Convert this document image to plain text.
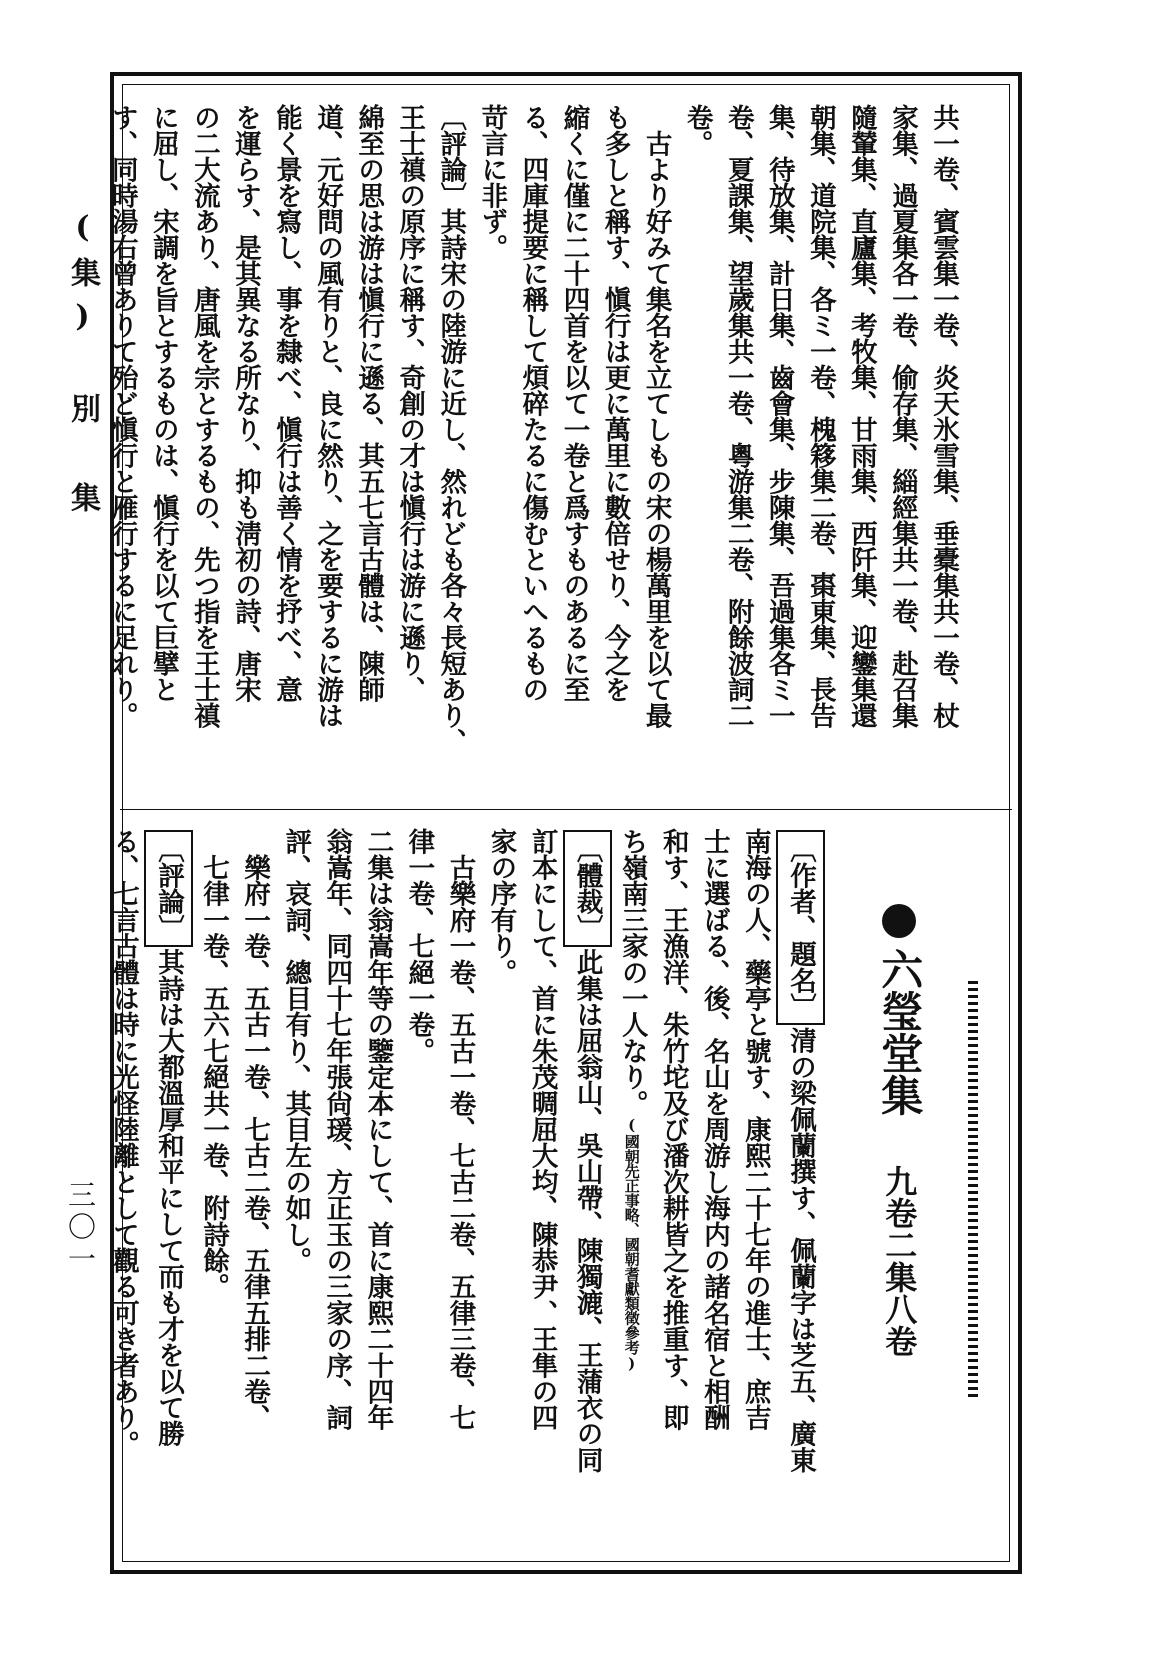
共一卷、賓雲集一卷、炎天氷雪集、垂橐集共一卷、杖
家集、過夏集各一卷、偷存集、緇經集共一卷、赴召集
隨輦集、直廬集、考牧集、甘雨集、西阡集、迎鑾集還
朝集、道院集、各ミ一卷、槐簃集二卷、棗東集、長告
集、待放集、計日集、齒會集、步陳集、吾過集各ミ一
卷、夏課集、望歲集共一卷、粵游集二卷、附餘波詞二
卷。
　古より好みて集名を立てしもの宋の楊萬里を以て最
も多しと稱す、愼行は更に萬里に數倍せり、今之を
縮くに僅に二十四首を以て一卷と爲すものあるに至
る、四庫提要に稱して煩碎たるに傷むといへるもの
苛言に非ず。
〔評論〕其詩宋の陸游に近し、然れども各々長短あり、
王士禛の原序に稱す、奇創の才は愼行は游に遜り、
綿至の思は游は愼行に遜る、其五七言古體は、陳師
道、元好問の風有りと、良に然り、之を要するに游は
能く景を寫し、事を隸べ、愼行は善く情を抒べ、意
を運らす、是其異なる所なり、抑も淸初の詩、唐宋
の二大流あり、唐風を宗とするもの、先つ指を王士禛
に屈し、宋調を旨とするものは、愼行を以て巨擘と
す、同時湯右曾ありて殆ど愼行と雁行するに足れり。

六瑩堂集 九卷二集八卷

〔作者、題名〕清の梁佩蘭撰す、佩蘭字は芝五、廣東
南海の人、藥亭と號す、康熙二十七年の進士、庶吉
士に選ばる、後、名山を周游し海内の諸名宿と相酬
和す、王漁洋、朱竹坨及び潘次耕皆之を推重す、即
ち嶺南三家の一人なり。(國朝先正事略、國朝耆獻類徵參考)
〔體裁〕此集は屈翁山、吳山帶、陳獨漉、王蒲衣の同
訂本にして、首に朱茂晭屈大均、陳恭尹、王隼の四
家の序有り。
　古樂府一卷、五古一卷、七古二卷、五律三卷、七
律一卷、七絕一卷。
二集は翁嵩年等の鑒定本にして、首に康熙二十四年
翁嵩年、同四十七年張尙瑗、方正玉の三家の序、詞
評、哀詞、總目有り、其目左の如し。
　樂府一卷、五古一卷、七古二卷、五律五排二卷、
　七律一卷、五六七絕共一卷、附詩餘。
〔評論〕其詩は大都溫厚和平にして而も才を以て勝
る、七言古體は時に光怪陸離として觀る可き者あり。

(集) 別 集
三〇一
